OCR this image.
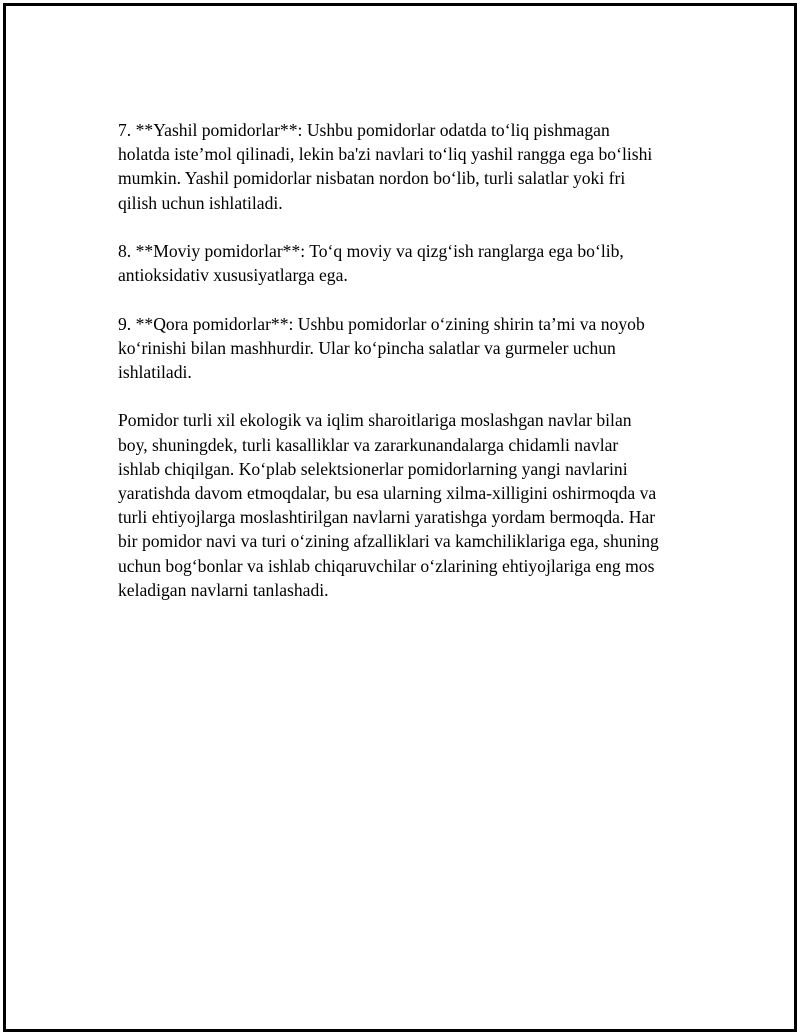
7. **Yashil pomidorlar**: Ushbu pomidorlar odatda to‘liq pishmagan
holatda iste’mol qilinadi, lekin ba'zi navlari to‘liq yashil rangga ega bo‘lishi
mumkin. Yashil pomidorlar nisbatan nordon bo‘lib, turli salatlar yoki fri
qilish uchun ishlatiladi.

8. **Moviy pomidorlar**: To‘q moviy va qizg‘ish ranglarga ega bo‘lib,
antioksidativ xususiyatlarga ega.

9. **Qora pomidorlar**: Ushbu pomidorlar o‘zining shirin ta’mi va noyob
ko‘rinishi bilan mashhurdir. Ular ko‘pincha salatlar va gurmeler uchun
ishlatiladi.

Pomidor turli xil ekologik va iqlim sharoitlariga moslashgan navlar bilan
boy, shuningdek, turli kasalliklar va zararkunandalarga chidamli navlar
ishlab chiqilgan. Ko‘plab selektsionerlar pomidorlarning yangi navlarini
yaratishda davom etmoqdalar, bu esa ularning xilma-xilligini oshirmoqda va
turli ehtiyojlarga moslashtirilgan navlarni yaratishga yordam bermoqda. Har
bir pomidor navi va turi o‘zining afzalliklari va kamchiliklariga ega, shuning
uchun bog‘bonlar va ishlab chiqaruvchilar o‘zlarining ehtiyojlariga eng mos
keladigan navlarni tanlashadi.
